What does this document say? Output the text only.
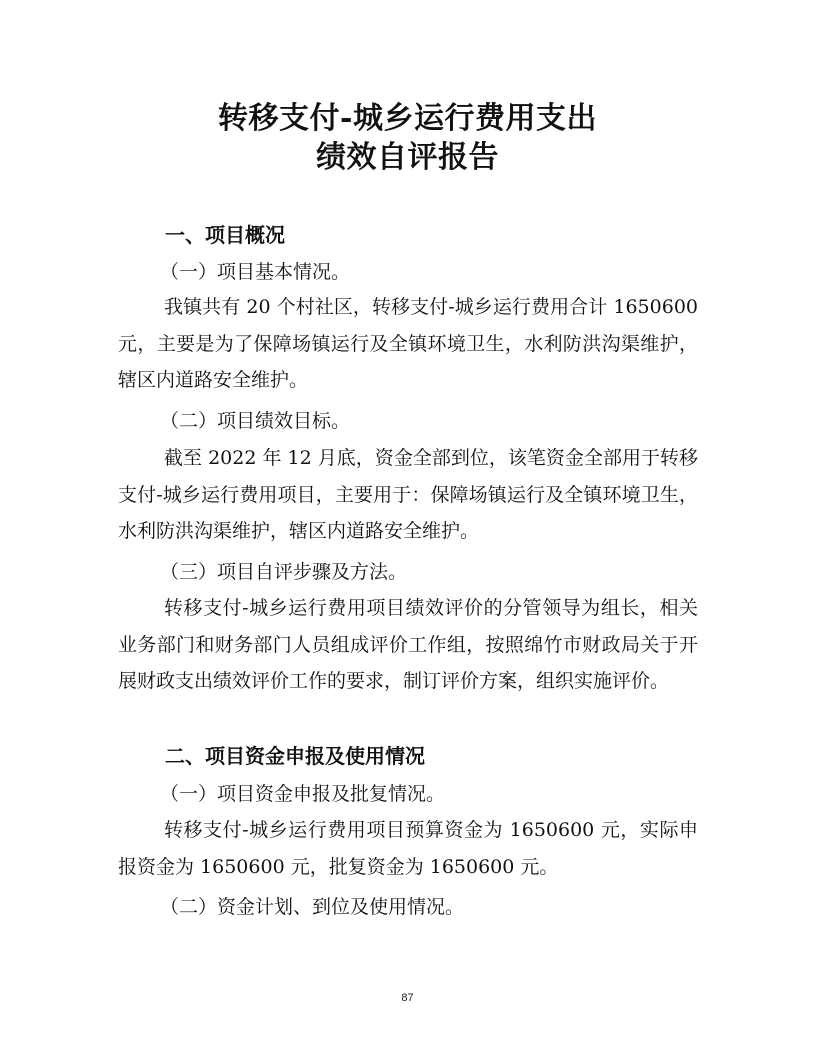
转移支付-城乡运行费用支出
绩效自评报告
一、项目概况
（一）项目基本情况。
我镇共有 20 个村社区，转移支付-城乡运行费用合计 1650600 元，主要是为了保障场镇运行及全镇环境卫生，水利防洪沟渠维护，辖区内道路安全维护。
（二）项目绩效目标。
截至 2022 年 12 月底，资金全部到位，该笔资金全部用于转移支付-城乡运行费用项目，主要用于：保障场镇运行及全镇环境卫生，水利防洪沟渠维护，辖区内道路安全维护。
（三）项目自评步骤及方法。
转移支付-城乡运行费用项目绩效评价的分管领导为组长，相关业务部门和财务部门人员组成评价工作组，按照绵竹市财政局关于开展财政支出绩效评价工作的要求，制订评价方案，组织实施评价。
二、项目资金申报及使用情况
（一）项目资金申报及批复情况。
转移支付-城乡运行费用项目预算资金为 1650600 元，实际申报资金为 1650600 元，批复资金为 1650600 元。
（二）资金计划、到位及使用情况。
87
